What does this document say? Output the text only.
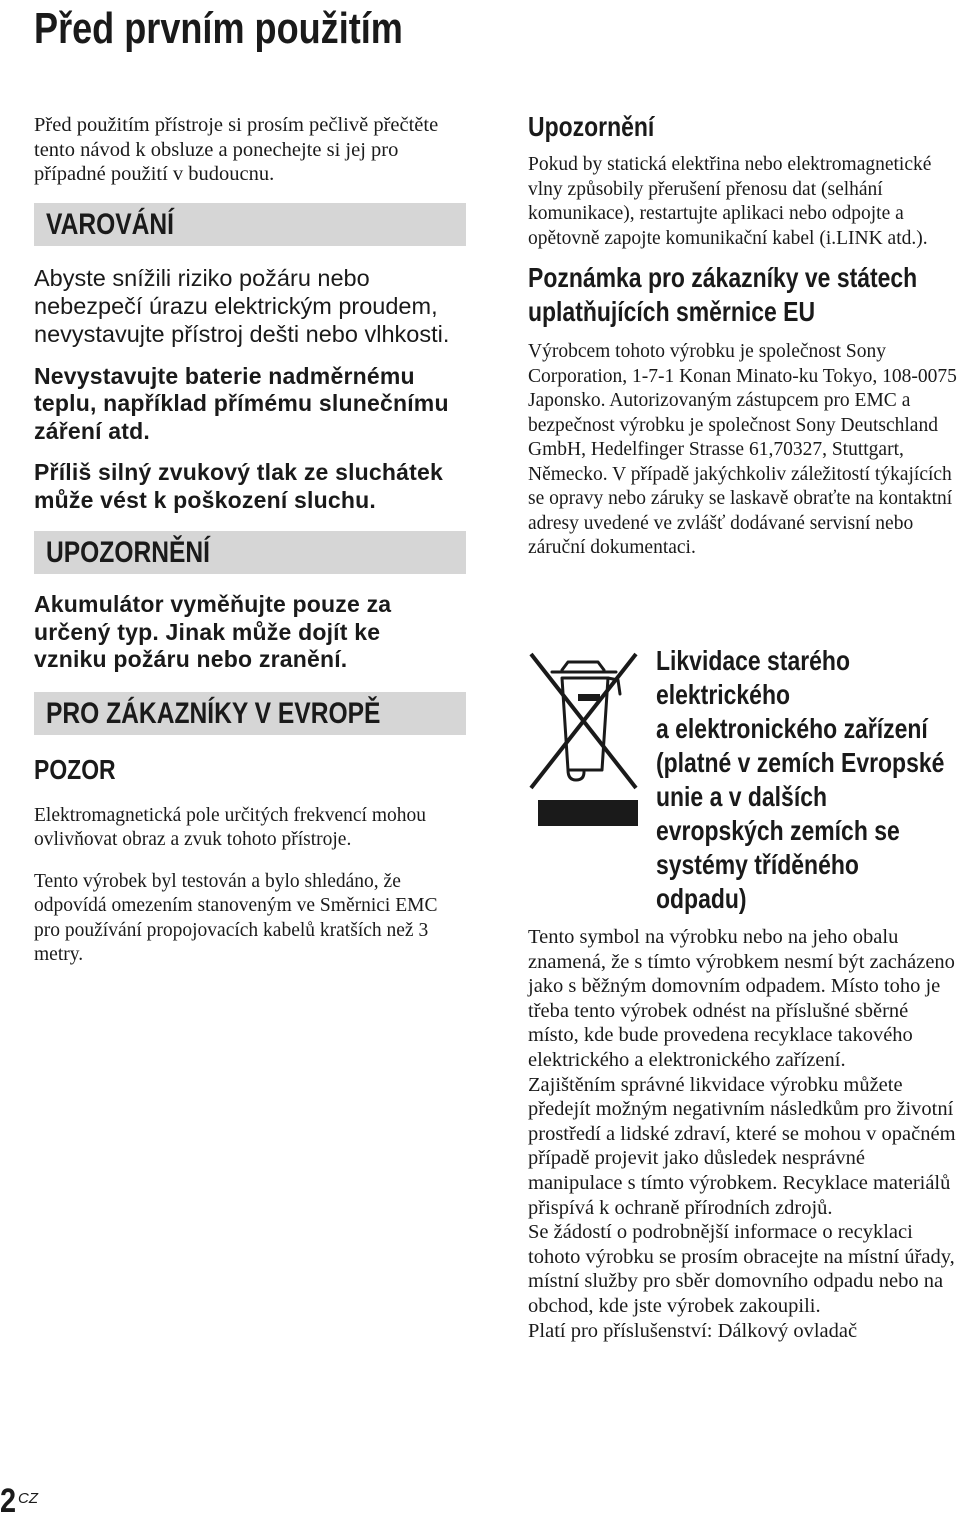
Před prvním použitím

Před použitím přístroje si prosím pečlivě přečtěte tento návod k obsluze a ponechejte si jej pro případné použití v budoucnu.

VAROVÁNÍ

Abyste snížili riziko požáru nebo nebezpečí úrazu elektrickým proudem, nevystavujte přístroj dešti nebo vlhkosti.

Nevystavujte baterie nadměrnému teplu, například přímému slunečnímu záření atd.

Příliš silný zvukový tlak ze sluchátek může vést k poškození sluchu.

UPOZORNĚNÍ

Akumulátor vyměňujte pouze za určený typ. Jinak může dojít ke vzniku požáru nebo zranění.

PRO ZÁKAZNÍKY V EVROPĚ
POZOR

Elektromagnetická pole určitých frekvencí mohou ovlivňovat obraz a zvuk tohoto přístroje.

Tento výrobek byl testován a bylo shledáno, že odpovídá omezením stanoveným ve Směrnici EMC pro používání propojovacích kabelů kratších než 3 metry.

Upozornění

Pokud by statická elektřina nebo elektromagnetické vlny způsobily přerušení přenosu dat (selhání komunikace), restartujte aplikaci nebo odpojte a opětovně zapojte komunikační kabel (i.LINK atd.).

Poznámka pro zákazníky ve státech
uplatňujících směrnice EU

Výrobcem tohoto výrobku je společnost Sony Corporation, 1-7-1 Konan Minato-ku Tokyo, 108-0075 Japonsko. Autorizovaným zástupcem pro EMC a bezpečnost výrobku je společnost Sony Deutschland GmbH, Hedelfinger Strasse 61,70327, Stuttgart, Německo. V případě jakýchkoliv záležitostí týkajících se opravy nebo záruky se laskavě obraťte na kontaktní adresy uvedené ve zvlášť dodávané servisní nebo záruční dokumentaci.

Likvidace starého
elektrického
a elektronického zařízení
(platné v zemích Evropské
unie a v dalších
evropských zemích se
systémy tříděného
odpadu)

Tento symbol na výrobku nebo na jeho obalu znamená, že s tímto výrobkem nesmí být zacházeno jako s běžným domovním odpadem. Místo toho je třeba tento výrobek odnést na příslušné sběrné místo, kde bude provedena recyklace takového elektrického a elektronického zařízení.

Zajištěním správné likvidace výrobku můžete předejít možným negativním následkům pro životní prostředí a lidské zdraví, které se mohou v opačném případě projevit jako důsledek nesprávné manipulace s tímto výrobkem. Recyklace materiálů přispívá k ochraně přírodních zdrojů.

Se žádostí o podrobnější informace o recyklaci tohoto výrobku se prosím obracejte na místní úřady, místní služby pro sběr domovního odpadu nebo na obchod, kde jste výrobek zakoupili.

Platí pro příslušenství: Dálkový ovladač

2 CZ
